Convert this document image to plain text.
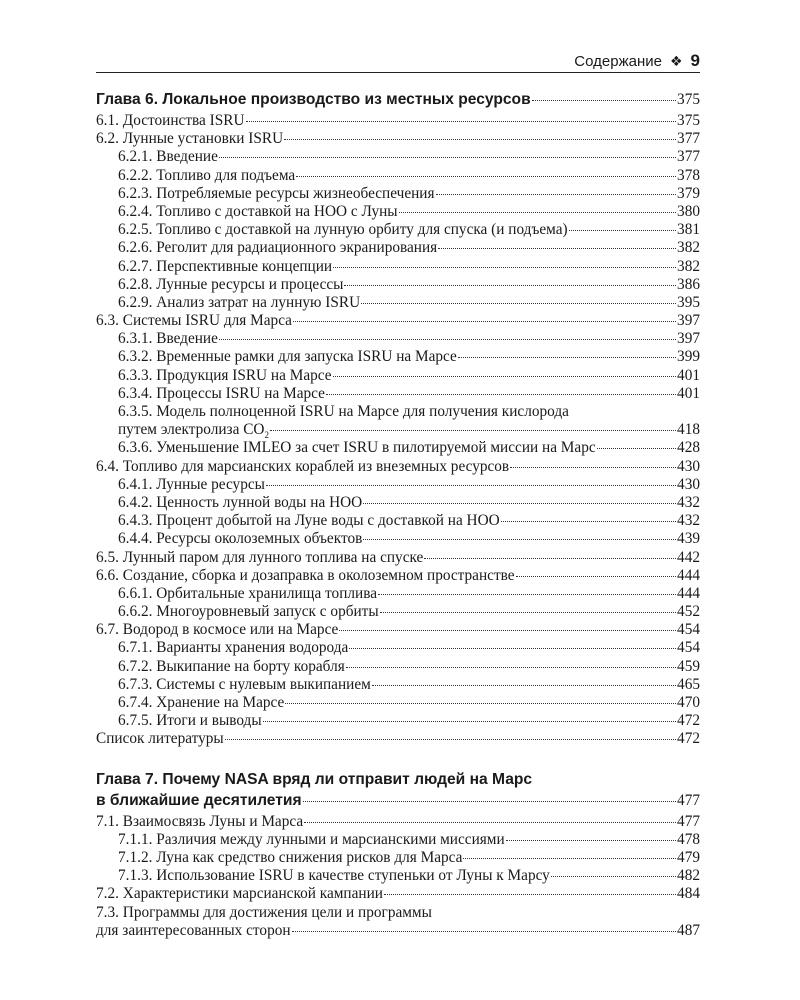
Содержание ❖ 9
Глава 6. Локальное производство из местных ресурсов	375
6.1. Достоинства ISRU	375
6.2. Лунные установки ISRU	377
6.2.1. Введение	377
6.2.2. Топливо для подъема	378
6.2.3. Потребляемые ресурсы жизнеобеспечения	379
6.2.4. Топливо с доставкой на НОО с Луны	380
6.2.5. Топливо с доставкой на лунную орбиту для спуска (и подъема)	381
6.2.6. Реголит для радиационного экранирования	382
6.2.7. Перспективные концепции	382
6.2.8. Лунные ресурсы и процессы	386
6.2.9. Анализ затрат на лунную ISRU	395
6.3. Системы ISRU для Марса	397
6.3.1. Введение	397
6.3.2. Временные рамки для запуска ISRU на Марсе	399
6.3.3. Продукция ISRU на Марсе	401
6.3.4. Процессы ISRU на Марсе	401
6.3.5. Модель полноценной ISRU на Марсе для получения кислорода
путем электролиза $CO_2$	418
6.3.6. Уменьшение IMLEO за счет ISRU в пилотируемой миссии на Марс	428
6.4. Топливо для марсианских кораблей из внеземных ресурсов	430
6.4.1. Лунные ресурсы	430
6.4.2. Ценность лунной воды на НОО	432
6.4.3. Процент добытой на Луне воды с доставкой на НОО	432
6.4.4. Ресурсы околоземных объектов	439
6.5. Лунный паром для лунного топлива на спуске	442
6.6. Создание, сборка и дозаправка в околоземном пространстве	444
6.6.1. Орбитальные хранилища топлива	444
6.6.2. Многоуровневый запуск с орбиты	452
6.7. Водород в космосе или на Марсе	454
6.7.1. Варианты хранения водорода	454
6.7.2. Выкипание на борту корабля	459
6.7.3. Системы с нулевым выкипанием	465
6.7.4. Хранение на Марсе	470
6.7.5. Итоги и выводы	472
Список литературы	472
Глава 7. Почему NASA вряд ли отправит людей на Марс
в ближайшие десятилетия	477
7.1. Взаимосвязь Луны и Марса	477
7.1.1. Различия между лунными и марсианскими миссиями	478
7.1.2. Луна как средство снижения рисков для Марса	479
7.1.3. Использование ISRU в качестве ступеньки от Луны к Марсу	482
7.2. Характеристики марсианской кампании	484
7.3. Программы для достижения цели и программы
для заинтересованных сторон	487
